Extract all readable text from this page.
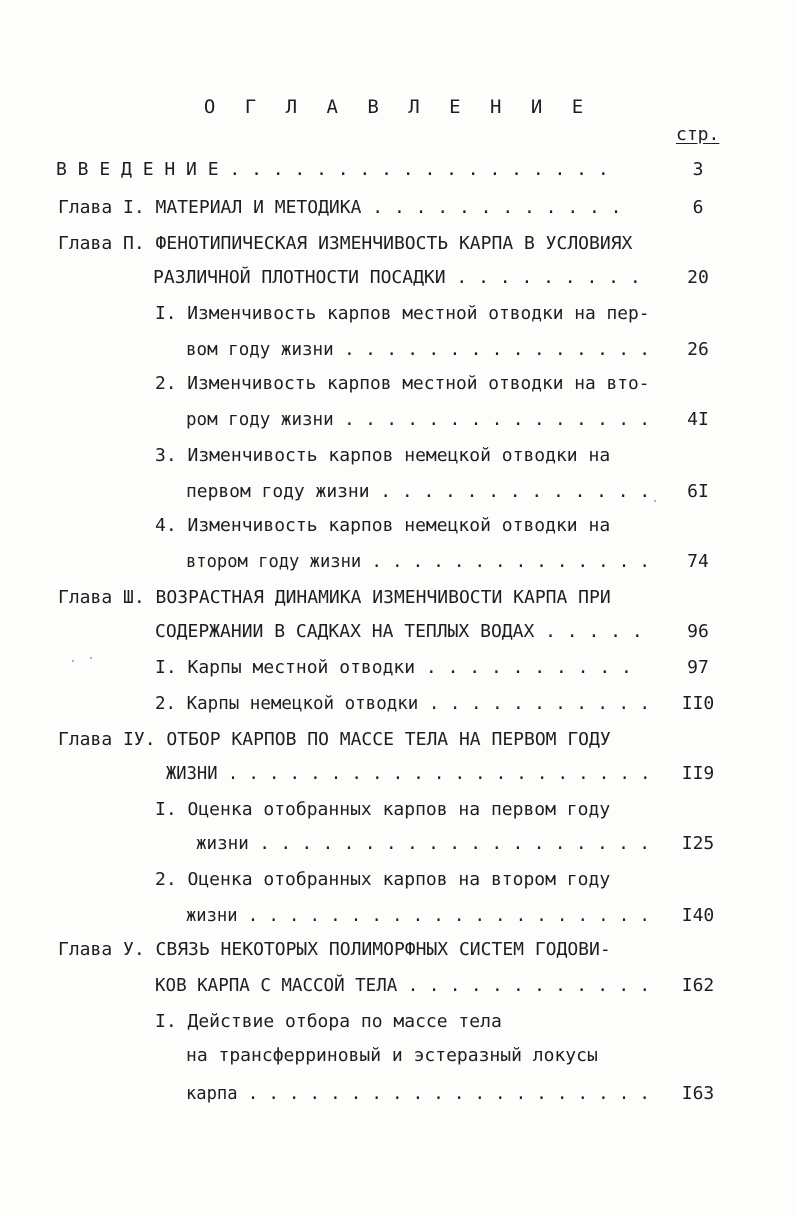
О Г Л А В Л Е Н И Е
стр.
В В Е Д Е Н И Е . . . . . . . . . . . . . . . . . .	3
Глава I. МАТЕРИАЛ И МЕТОДИКА . . . . . . . . . . . .	6
Глава П. ФЕНОТИПИЧЕСКАЯ ИЗМЕНЧИВОСТЬ КАРПА В УСЛОВИЯХ
РАЗЛИЧНОЙ ПЛОТНОСТИ ПОСАДКИ . . . . . . . . .	20
I. Изменчивость карпов местной отводки на пер-
вом году жизни . . . . . . . . . . . . . . .	26
2. Изменчивость карпов местной отводки на вто-
ром году жизни . . . . . . . . . . . . . . .	4I
3. Изменчивость карпов немецкой отводки на
первом году жизни . . . . . . . . . . . . .	6I
4. Изменчивость карпов немецкой отводки на
втором году жизни . . . . . . . . . . . . . .	74
Глава Ш. ВОЗРАСТНАЯ ДИНАМИКА ИЗМЕНЧИВОСТИ КАРПА ПРИ
СОДЕРЖАНИИ В САДКАХ НА ТЕПЛЫХ ВОДАХ . . . . .	96
I. Карпы местной отводки . . . . . . . . . .	97
2. Карпы немецкой отводки . . . . . . . . . . .	II0
Глава IУ. ОТБОР КАРПОВ ПО МАССЕ ТЕЛА НА ПЕРВОМ ГОДУ
ЖИЗНИ . . . . . . . . . . . . . . . . . . . . .	II9
I. Оценка отобранных карпов на первом году
жизни . . . . . . . . . . . . . . . . . . .	I25
2. Оценка отобранных карпов на втором году
жизни . . . . . . . . . . . . . . . . . . . .	I40
Глава У. СВЯЗЬ НЕКОТОРЫХ ПОЛИМОРФНЫХ СИСТЕМ ГОДОВИ-
КОВ КАРПА С МАССОЙ ТЕЛА . . . . . . . . . . . .	I62
I. Действие отбора по массе тела
на трансферриновый и эстеразный локусы
карпа . . . . . . . . . . . . . . . . . . . .	I63
